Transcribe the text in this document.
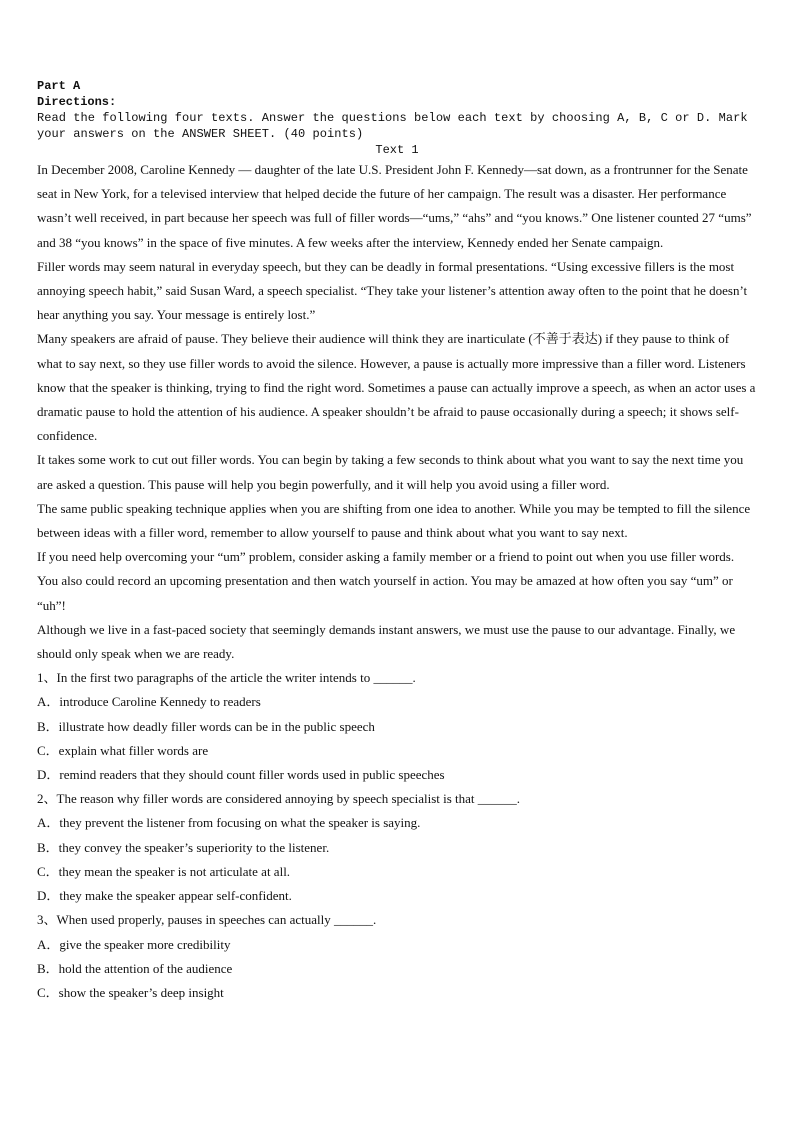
Part A
Directions:
Read the following four texts. Answer the questions below each text by choosing A, B, C or D. Mark your answers on the ANSWER SHEET. (40 points)
Text 1

In December 2008, Caroline Kennedy — daughter of the late U.S. President John F. Kennedy—sat down, as a frontrunner for the Senate seat in New York, for a televised interview that helped decide the future of her campaign. The result was a disaster. Her performance wasn’t well received, in part because her speech was full of filler words—“ums,” “ahs” and “you knows.” One listener counted 27 “ums” and 38 “you knows” in the space of five minutes. A few weeks after the interview, Kennedy ended her Senate campaign.

Filler words may seem natural in everyday speech, but they can be deadly in formal presentations. “Using excessive fillers is the most annoying speech habit,” said Susan Ward, a speech specialist. “They take your listener’s attention away often to the point that he doesn’t hear anything you say. Your message is entirely lost.”

Many speakers are afraid of pause. They believe their audience will think they are inarticulate (不善于表达) if they pause to think of what to say next, so they use filler words to avoid the silence. However, a pause is actually more impressive than a filler word. Listeners know that the speaker is thinking, trying to find the right word. Sometimes a pause can actually improve a speech, as when an actor uses a dramatic pause to hold the attention of his audience. A speaker shouldn’t be afraid to pause occasionally during a speech; it shows self-confidence.

It takes some work to cut out filler words. You can begin by taking a few seconds to think about what you want to say the next time you are asked a question. This pause will help you begin powerfully, and it will help you avoid using a filler word.

The same public speaking technique applies when you are shifting from one idea to another. While you may be tempted to fill the silence between ideas with a filler word, remember to allow yourself to pause and think about what you want to say next.

If you need help overcoming your “um” problem, consider asking a family member or a friend to point out when you use filler words. You also could record an upcoming presentation and then watch yourself in action. You may be amazed at how often you say “um” or “uh”!

Although we live in a fast-paced society that seemingly demands instant answers, we must use the pause to our advantage. Finally, we should only speak when we are ready.

1、In the first two paragraphs of the article the writer intends to ______.

A．introduce Caroline Kennedy to readers

B．illustrate how deadly filler words can be in the public speech

C．explain what filler words are

D．remind readers that they should count filler words used in public speeches

2、The reason why filler words are considered annoying by speech specialist is that ______.

A．they prevent the listener from focusing on what the speaker is saying.

B．they convey the speaker’s superiority to the listener.

C．they mean the speaker is not articulate at all.

D．they make the speaker appear self-confident.

3、When used properly, pauses in speeches can actually ______.

A．give the speaker more credibility

B．hold the attention of the audience

C．show the speaker’s deep insight
